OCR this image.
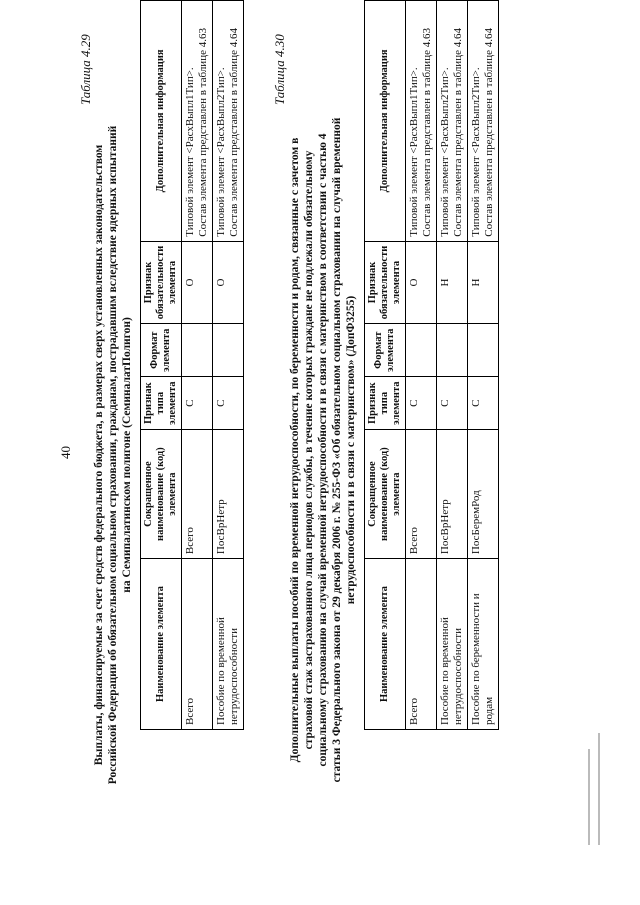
40
Таблица 4.29
Выплаты, финансируемые за счет средств федерального бюджета, в размерах сверх установленных законодательством Российской Федерации об обязательном социальном страховании, гражданам, пострадавшим вследствие ядерных испытаний на Семипалатинском полигоне (СеминалатПолигон)
Наименование элемента	Сокращенное наименование (код) элемента	Признак типа элемента	Формат элемента	Признак обязательности элемента	Дополнительная информация
Всего	Всего	С		О	Типовой элемент <РасхВыпл1Тип>. Состав элемента представлен в таблице 4.63

Пособие по временной нетрудоспособности	ПосВрНетр	С		О	Типовой элемент <РасхВыпл2Тип>. Состав элемента представлен в таблице 4.64 Таблица 4.30
Дополнительные выплаты пособий по временной нетрудоспособности, по беременности и родам, связанные с зачетом в страховой стаж застрахованного лица периодов службы, в течение которых граждане не подлежали обязательному социальному страхованию на случай временной нетрудоспособности и в связи с материнством в соответствии с частью 4 статьи 3 Федерального закона от 29 декабря 2006 г. № 255-ФЗ «Об обязательном социальном страховании на случай временной нетрудоспособности и в связи с материнством» (ДопФ3255)
Наименование элемента	Сокращенное наименование (код) элемента	Признак типа элемента	Формат элемента	Признак обязательности элемента	Дополнительная информация
Всего	Всего	С		О	Типовой элемент <РасхВыпл1Тип>. Состав элемента представлен в таблице 4.63

Пособие по временной нетрудоспособности	ПосВрНетр	С		Н	Типовой элемент <РасхВыпл2Тип>. Состав элемента представлен в таблице 4.64

Пособие по беременности и родам	ПосБеремРод	С		Н	Типовой элемент <РасхВыпл2Тип>. Состав элемента представлен в таблице 4.64
